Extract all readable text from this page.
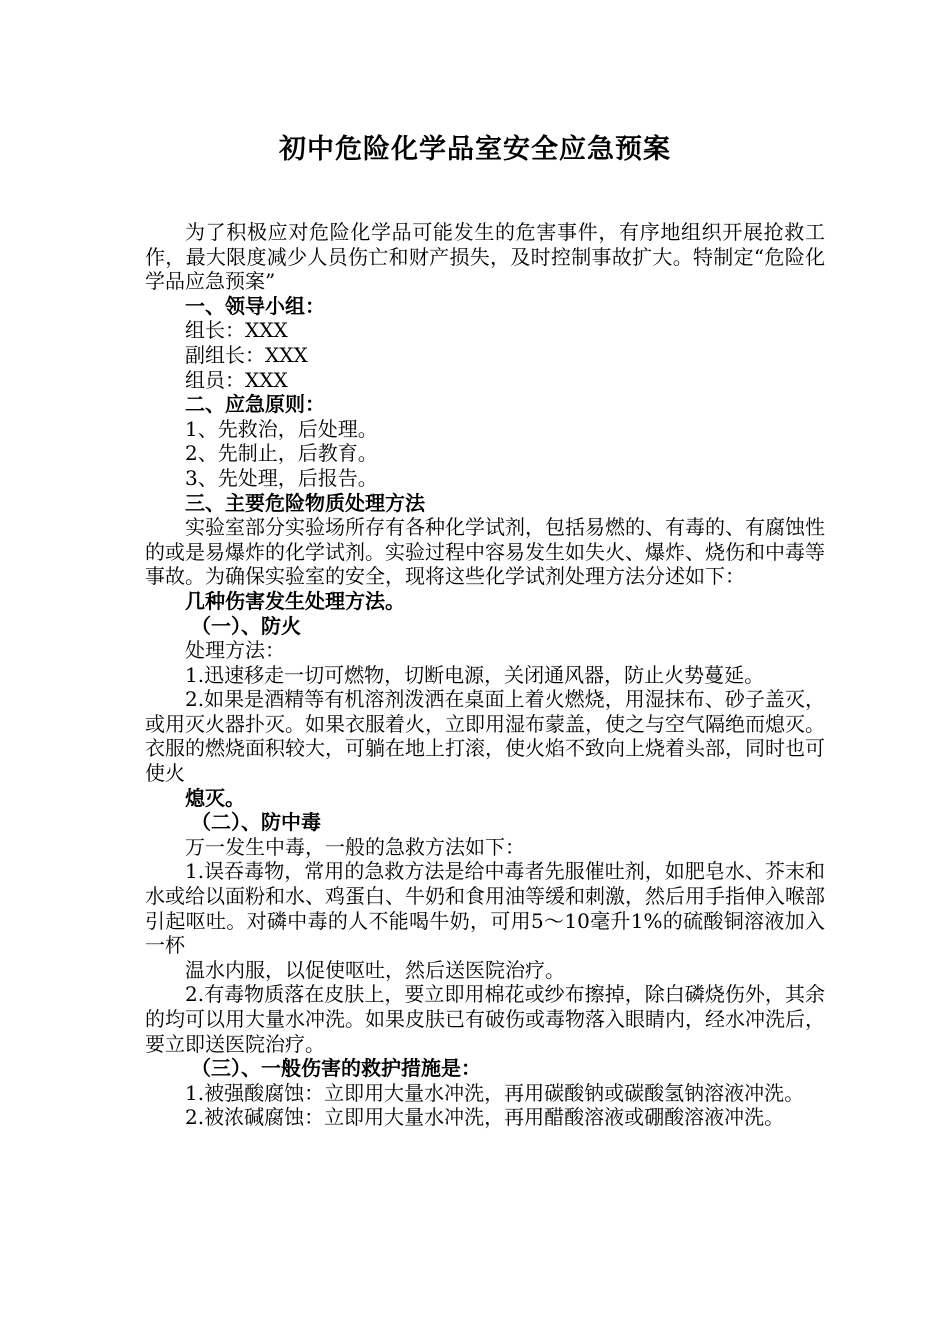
初中危险化学品室安全应急预案

为了积极应对危险化学品可能发生的危害事件，有序地组织开展抢救工作，最大限度减少人员伤亡和财产损失，及时控制事故扩大。特制定“危险化学品应急预案”

一、领导小组：

组长：XXX

副组长：XXX

组员：XXX

二、应急原则：

1、先救治，后处理。

2、先制止，后教育。

3、先处理，后报告。

三、主要危险物质处理方法

实验室部分实验场所存有各种化学试剂，包括易燃的、有毒的、有腐蚀性的或是易爆炸的化学试剂。实验过程中容易发生如失火、爆炸、烧伤和中毒等事故。为确保实验室的安全，现将这些化学试剂处理方法分述如下：

几种伤害发生处理方法。

（一）、防火

处理方法：

1.迅速移走一切可燃物，切断电源，关闭通风器，防止火势蔓延。

2.如果是酒精等有机溶剂泼洒在桌面上着火燃烧，用湿抹布、砂子盖灭，或用灭火器扑灭。如果衣服着火，立即用湿布蒙盖，使之与空气隔绝而熄灭。衣服的燃烧面积较大，可躺在地上打滚，使火焰不致向上烧着头部，同时也可使火

熄灭。

（二）、防中毒

万一发生中毒，一般的急救方法如下：

1.误吞毒物，常用的急救方法是给中毒者先服催吐剂，如肥皂水、芥末和水或给以面粉和水、鸡蛋白、牛奶和食用油等缓和刺激，然后用手指伸入喉部引起呕吐。对磷中毒的人不能喝牛奶，可用5～10毫升1%的硫酸铜溶液加入一杯

温水内服，以促使呕吐，然后送医院治疗。

2.有毒物质落在皮肤上，要立即用棉花或纱布擦掉，除白磷烧伤外，其余的均可以用大量水冲洗。如果皮肤已有破伤或毒物落入眼睛内，经水冲洗后，要立即送医院治疗。

（三）、一般伤害的救护措施是：

1.被强酸腐蚀：立即用大量水冲洗，再用碳酸钠或碳酸氢钠溶液冲洗。

2.被浓碱腐蚀：立即用大量水冲洗，再用醋酸溶液或硼酸溶液冲洗。
